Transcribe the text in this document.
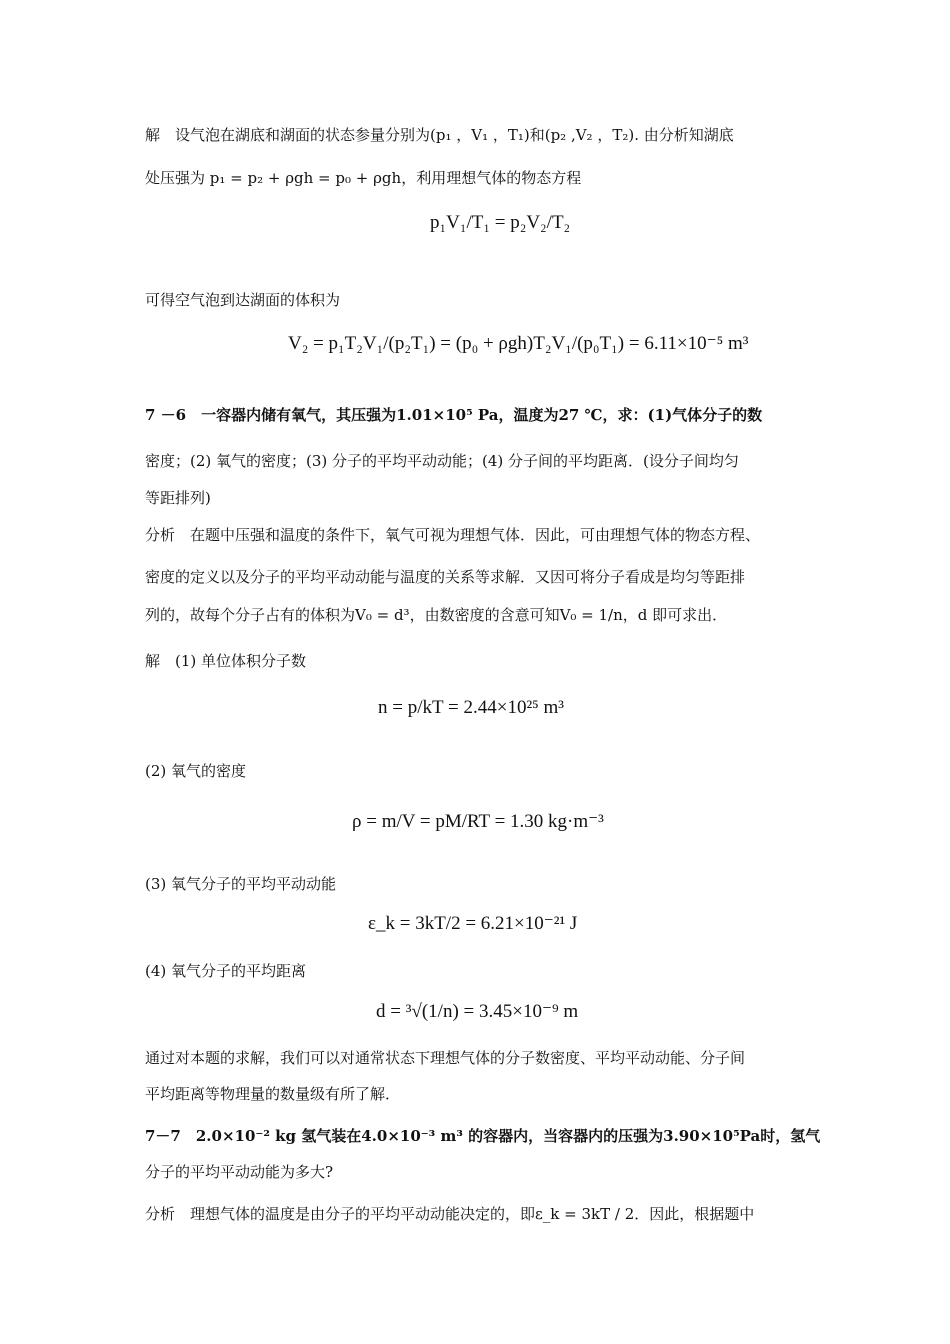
解　设气泡在湖底和湖面的状态参量分别为(p₁ ，V₁ ，T₁)和(p₂ ,V₂ ，T₂). 由分析知湖底
处压强为 p₁ = p₂ + ρgh = p₀ + ρgh，利用理想气体的物态方程
p₁V₁/T₁ = p₂V₂/T₂
可得空气泡到达湖面的体积为
V₂ = p₁T₂V₁/(p₂T₁) = (p₀ + ρgh)T₂V₁/(p₀T₁) = 6.11×10⁻⁵ m³
7 －6　一容器内储有氧气，其压强为1.01×10⁵ Pa，温度为27 ℃，求：(1)气体分子的数
密度；(2) 氧气的密度；(3) 分子的平均平动动能；(4) 分子间的平均距离．(设分子间均匀
等距排列)
分析　在题中压强和温度的条件下，氧气可视为理想气体．因此，可由理想气体的物态方程、
密度的定义以及分子的平均平动动能与温度的关系等求解．又因可将分子看成是均匀等距排
列的，故每个分子占有的体积为V₀ = d³，由数密度的含意可知V₀ = 1/n，d 即可求出．
解　(1) 单位体积分子数
n = p/kT = 2.44×10²⁵ m³
(2) 氧气的密度
ρ = m/V = pM/RT = 1.30 kg·m⁻³
(3) 氧气分子的平均平动动能
ε_k = 3kT/2 = 6.21×10⁻²¹ J
(4) 氧气分子的平均距离
d = ³√(1/n) = 3.45×10⁻⁹ m
通过对本题的求解，我们可以对通常状态下理想气体的分子数密度、平均平动动能、分子间
平均距离等物理量的数量级有所了解．
7－7　2.0×10⁻² kg 氢气装在4.0×10⁻³ m³ 的容器内，当容器内的压强为3.90×10⁵Pa时，氢气
分子的平均平动动能为多大?
分析　理想气体的温度是由分子的平均平动动能决定的，即ε_k = 3kT / 2．因此，根据题中
